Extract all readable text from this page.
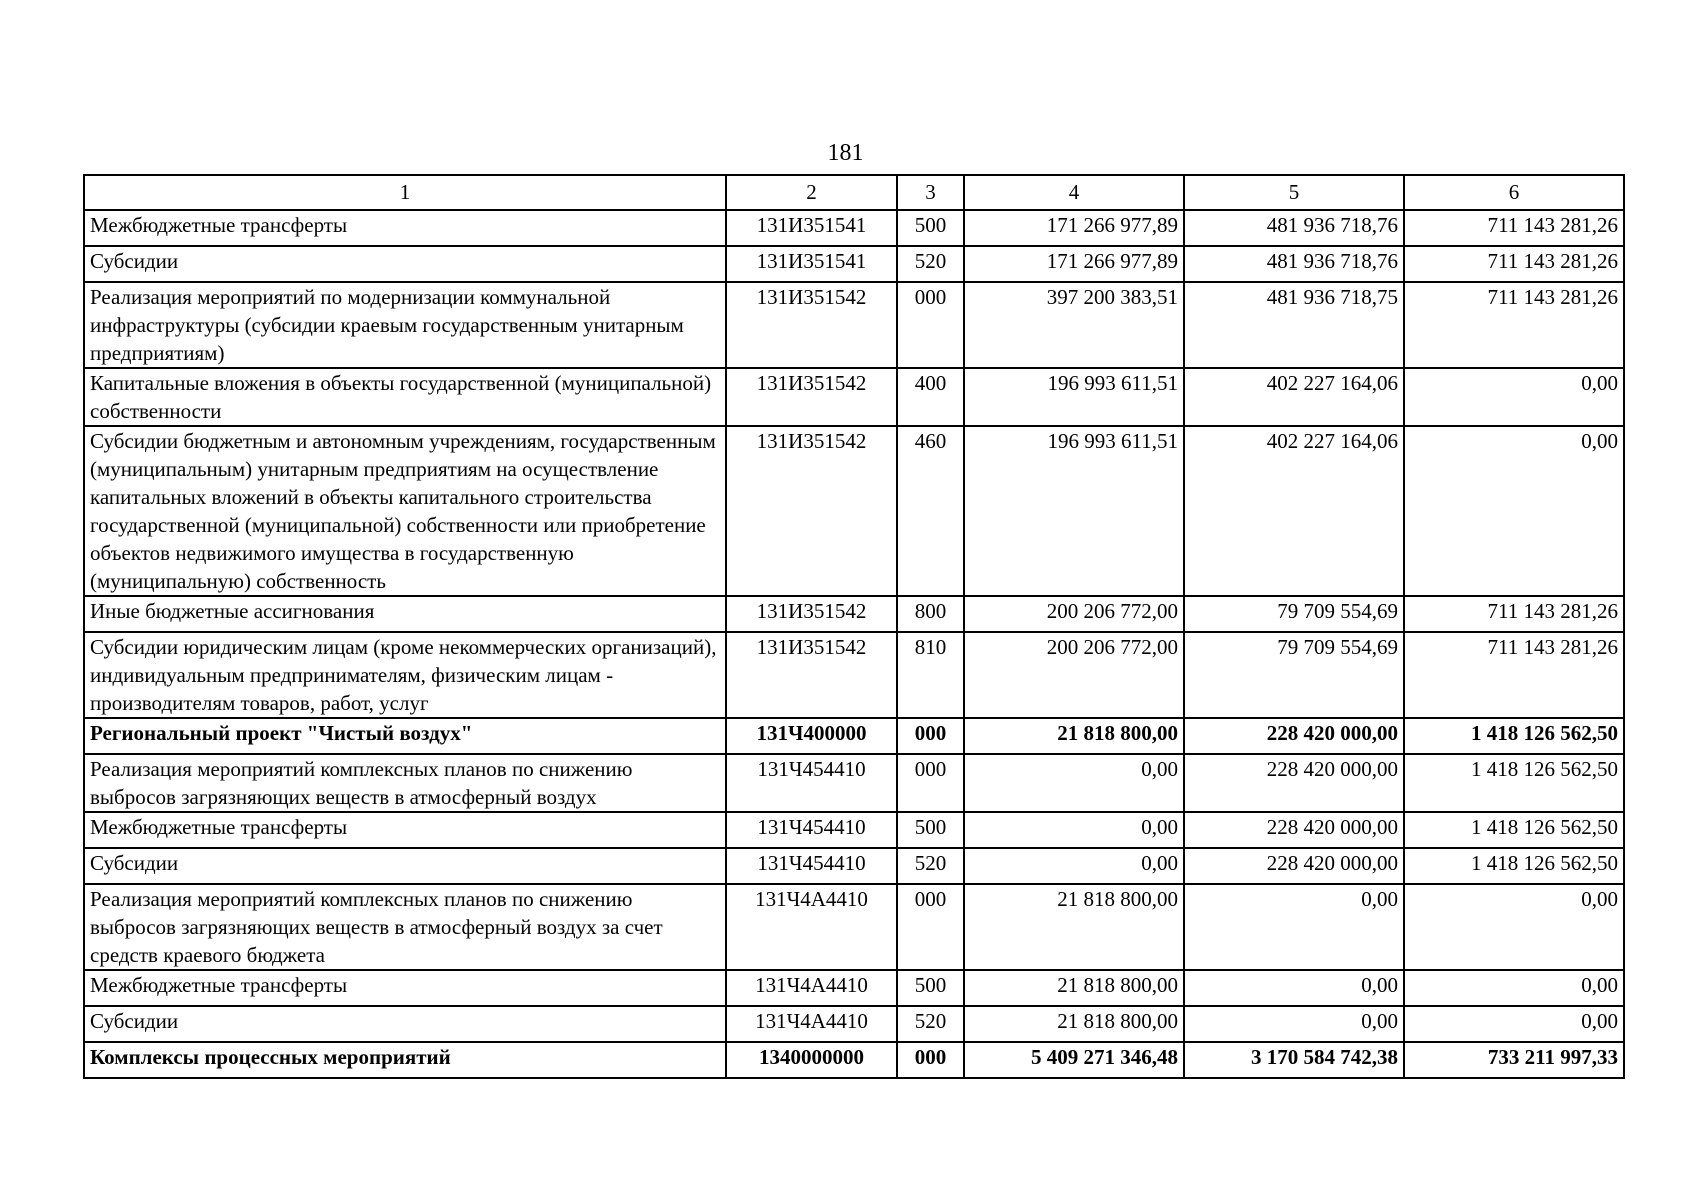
181
1	2	3	4	5	6
Межбюджетные трансферты	131И351541	500	171 266 977,89	481 936 718,76	711 143 281,26
Субсидии	131И351541	520	171 266 977,89	481 936 718,76	711 143 281,26
Реализация мероприятий по модернизации коммунальной инфраструктуры (субсидии краевым государственным унитарным предприятиям)	131И351542	000	397 200 383,51	481 936 718,75	711 143 281,26
Капитальные вложения в объекты государственной (муниципальной) собственности	131И351542	400	196 993 611,51	402 227 164,06	0,00
Субсидии бюджетным и автономным учреждениям, государственным (муниципальным) унитарным предприятиям на осуществление капитальных вложений в объекты капитального строительства государственной (муниципальной) собственности или приобретение объектов недвижимого имущества в государственную (муниципальную) собственность	131И351542	460	196 993 611,51	402 227 164,06	0,00
Иные бюджетные ассигнования	131И351542	800	200 206 772,00	79 709 554,69	711 143 281,26
Субсидии юридическим лицам (кроме некоммерческих организаций), индивидуальным предпринимателям, физическим лицам - производителям товаров, работ, услуг	131И351542	810	200 206 772,00	79 709 554,69	711 143 281,26
Региональный проект "Чистый воздух"	131Ч400000	000	21 818 800,00	228 420 000,00	1 418 126 562,50
Реализация мероприятий комплексных планов по снижению выбросов загрязняющих веществ в атмосферный воздух	131Ч454410	000	0,00	228 420 000,00	1 418 126 562,50
Межбюджетные трансферты	131Ч454410	500	0,00	228 420 000,00	1 418 126 562,50
Субсидии	131Ч454410	520	0,00	228 420 000,00	1 418 126 562,50
Реализация мероприятий комплексных планов по снижению выбросов загрязняющих веществ в атмосферный воздух за счет средств краевого бюджета	131Ч4А4410	000	21 818 800,00	0,00	0,00
Межбюджетные трансферты	131Ч4А4410	500	21 818 800,00	0,00	0,00
Субсидии	131Ч4А4410	520	21 818 800,00	0,00	0,00
Комплексы процессных мероприятий	1340000000	000	5 409 271 346,48	3 170 584 742,38	733 211 997,33
